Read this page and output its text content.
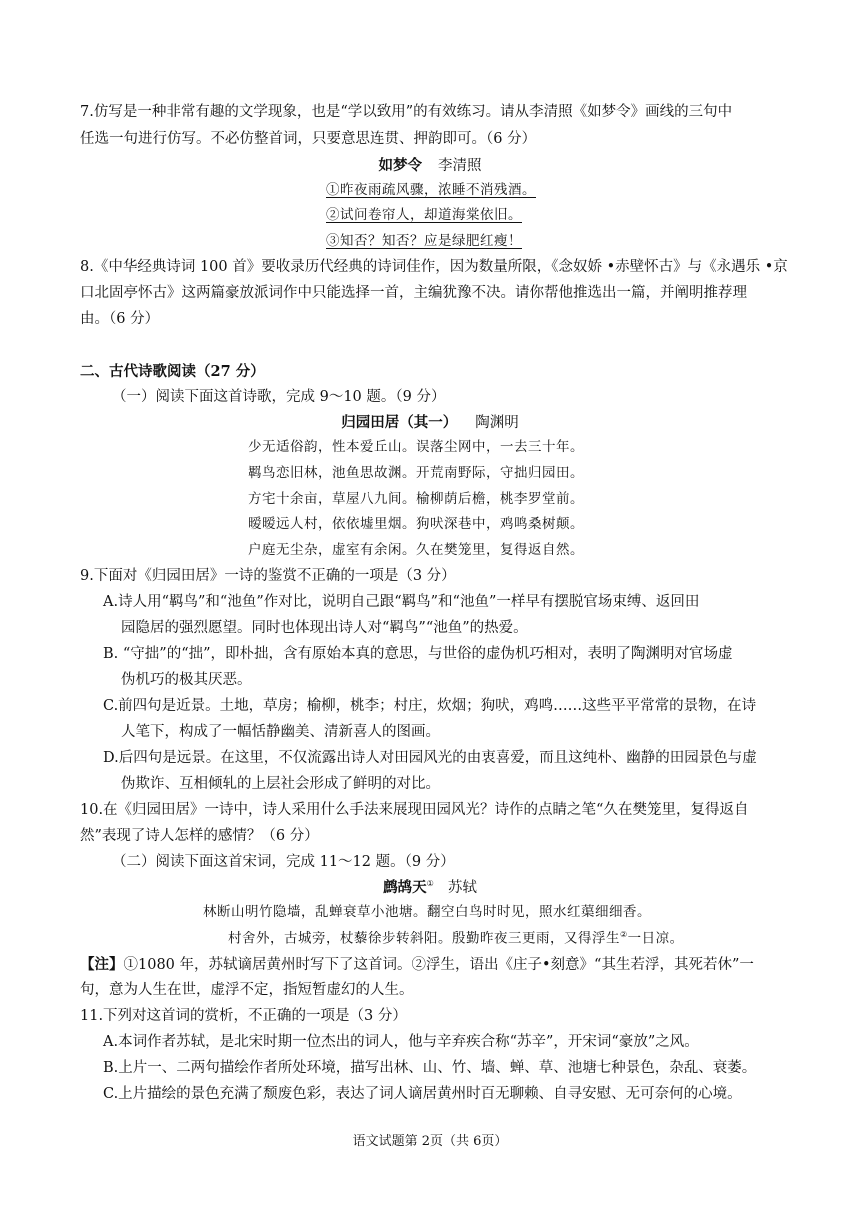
7.仿写是一种非常有趣的文学现象，也是“学以致用”的有效练习。请从李清照《如梦令》画线的三句中
任选一句进行仿写。不必仿整首词，只要意思连贯、押韵即可。（6 分）
如梦令 李清照
①昨夜雨疏风骤，浓睡不消残酒。
②试问卷帘人，却道海棠依旧。
③知否？知否？应是绿肥红瘦！
8.《中华经典诗词 100 首》要收录历代经典的诗词佳作，因为数量所限，《念奴娇 •赤壁怀古》与《永遇乐 •京
口北固亭怀古》这两篇豪放派词作中只能选择一首，主编犹豫不决。请你帮他推选出一篇，并阐明推荐理
由。（6 分）
二、古代诗歌阅读（27 分）
（一）阅读下面这首诗歌，完成 9～10 题。（9 分）
归园田居（其一） 陶渊明
少无适俗韵，性本爱丘山。误落尘网中，一去三十年。
羁鸟恋旧林，池鱼思故渊。开荒南野际，守拙归园田。
方宅十余亩，草屋八九间。榆柳荫后檐，桃李罗堂前。
暧暧远人村，依依墟里烟。狗吠深巷中，鸡鸣桑树颠。
户庭无尘杂，虚室有余闲。久在樊笼里，复得返自然。
9.下面对《归园田居》一诗的鉴赏不正确的一项是（3 分）
A.诗人用“羁鸟”和“池鱼”作对比，说明自己跟“羁鸟”和“池鱼”一样早有摆脱官场束缚、返回田
园隐居的强烈愿望。同时也体现出诗人对“羁鸟”“池鱼”的热爱。
B. “守拙”的“拙”，即朴拙，含有原始本真的意思，与世俗的虚伪机巧相对，表明了陶渊明对官场虚
伪机巧的极其厌恶。
C.前四句是近景。土地，草房；榆柳，桃李；村庄，炊烟；狗吠，鸡鸣……这些平平常常的景物，在诗
人笔下，构成了一幅恬静幽美、清新喜人的图画。
D.后四句是远景。在这里，不仅流露出诗人对田园风光的由衷喜爱，而且这纯朴、幽静的田园景色与虚
伪欺诈、互相倾轧的上层社会形成了鲜明的对比。
10.在《归园田居》一诗中，诗人采用什么手法来展现田园风光？诗作的点睛之笔“久在樊笼里，复得返自
然”表现了诗人怎样的感情？（6 分）
（二）阅读下面这首宋词，完成 11～12 题。（9 分）
鹧鸪天① 苏轼
林断山明竹隐墙，乱蝉衰草小池塘。翻空白鸟时时见，照水红蕖细细香。
村舍外，古城旁，杖藜徐步转斜阳。殷勤昨夜三更雨，又得浮生②一日凉。
【注】①1080 年，苏轼谪居黄州时写下了这首词。②浮生，语出《庄子•刻意》“其生若浮，其死若休”一
句，意为人生在世，虚浮不定，指短暂虚幻的人生。
11.下列对这首词的赏析，不正确的一项是（3 分）
A.本词作者苏轼，是北宋时期一位杰出的词人，他与辛弃疾合称“苏辛”，开宋词“豪放”之风。
B.上片一、二两句描绘作者所处环境，描写出林、山、竹、墙、蝉、草、池塘七种景色，杂乱、衰萎。
C.上片描绘的景色充满了颓废色彩，表达了词人谪居黄州时百无聊赖、自寻安慰、无可奈何的心境。
语文试题第 2页（共 6页）
